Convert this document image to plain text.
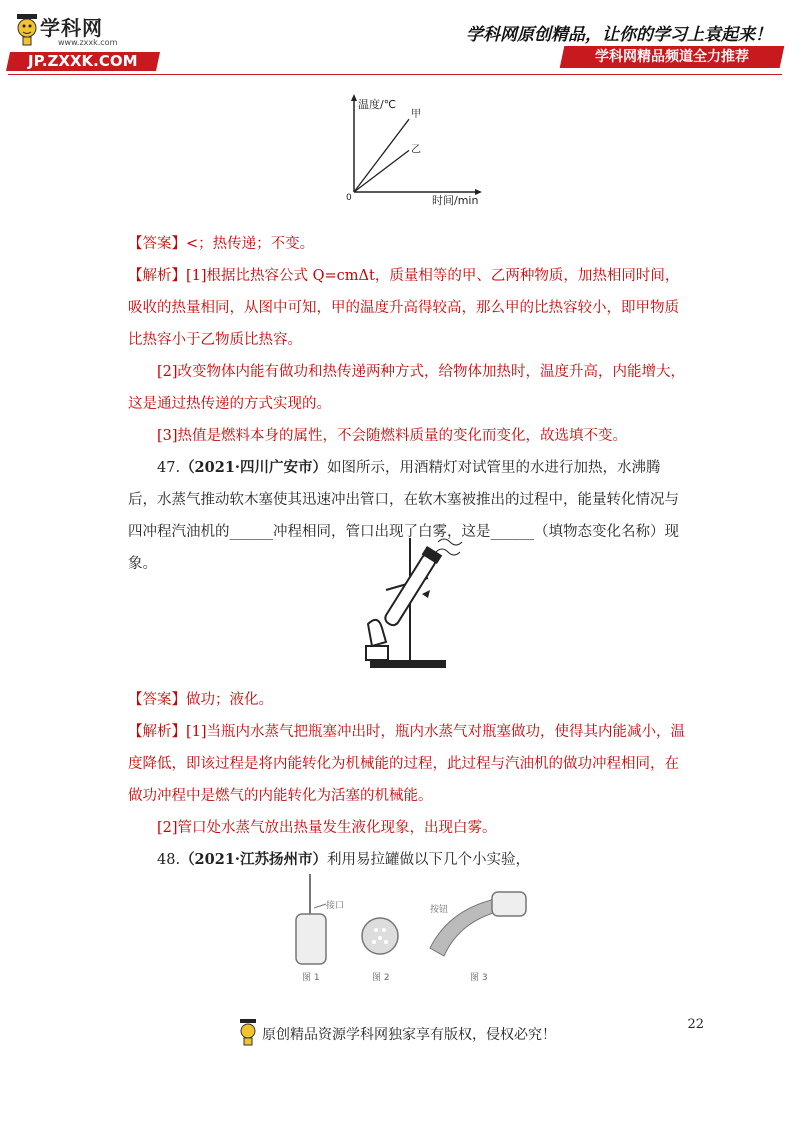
学科网
www.zxxk.com
JP.ZXXK.COM
学科网原创精品，让你的学习上袁起来！
学科网精品频道全力推荐
甲
乙
温度/℃
时间/min
0
【答案】<；热传递；不变。
【解析】[1]根据比热容公式 Q=cmΔt，质量相等的甲、乙两种物质，加热相同时间，吸收的热量相同，从图中可知，甲的温度升高得较高，那么甲的比热容较小，即甲物质比热容小于乙物质比热容。
[2]改变物体内能有做功和热传递两种方式，给物体加热时，温度升高，内能增大，这是通过热传递的方式实现的。
[3]热值是燃料本身的属性，不会随燃料质量的变化而变化，故选填不变。
47.（2021·四川广安市）如图所示，用酒精灯对试管里的水进行加热，水沸腾后，水蒸气推动软木塞使其迅速冲出管口，在软木塞被推出的过程中，能量转化情况与四冲程汽油机的______冲程相同，管口出现了白雾，这是______（填物态变化名称）现象。
【答案】做功；液化。
【解析】[1]当瓶内水蒸气把瓶塞冲出时，瓶内水蒸气对瓶塞做功，使得其内能减小，温度降低，即该过程是将内能转化为机械能的过程，此过程与汽油机的做功冲程相同，在做功冲程中是燃气的内能转化为活塞的机械能。
[2]管口处水蒸气放出热量发生液化现象，出现白雾。
48.（2021·江苏扬州市）利用易拉罐做以下几个小实验，
接口
图 1	图 2
按钮
图 3
22
原创精品资源学科网独家享有版权，侵权必究！
